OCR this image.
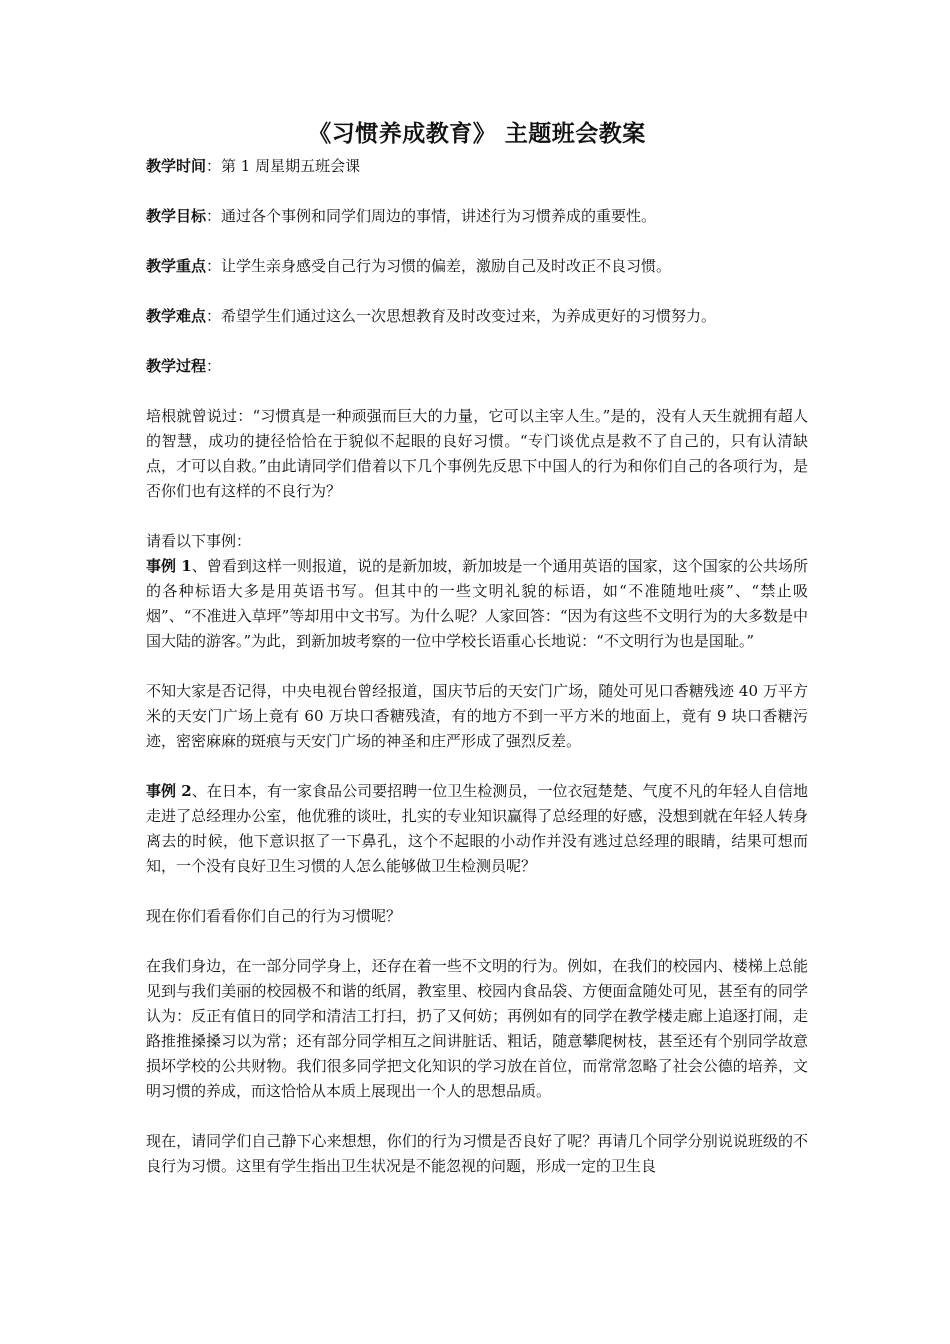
《习惯养成教育》 主题班会教案

教学时间：第 1 周星期五班会课

教学目标：通过各个事例和同学们周边的事情，讲述行为习惯养成的重要性。

教学重点：让学生亲身感受自己行为习惯的偏差，激励自己及时改正不良习惯。

教学难点：希望学生们通过这么一次思想教育及时改变过来，为养成更好的习惯努力。

教学过程：

培根就曾说过：“习惯真是一种顽强而巨大的力量，它可以主宰人生。”是的，没有人天生就拥有超人的智慧，成功的捷径恰恰在于貌似不起眼的良好习惯。“专门谈优点是救不了自己的，只有认清缺点，才可以自救。”由此请同学们借着以下几个事例先反思下中国人的行为和你们自己的各项行为，是否你们也有这样的不良行为？

请看以下事例：

事例 1、曾看到这样一则报道，说的是新加坡，新加坡是一个通用英语的国家，这个国家的公共场所的各种标语大多是用英语书写。但其中的一些文明礼貌的标语，如“不准随地吐痰”、“禁止吸烟”、“不准进入草坪”等却用中文书写。为什么呢？人家回答：“因为有这些不文明行为的大多数是中国大陆的游客。”为此，到新加坡考察的一位中学校长语重心长地说：“不文明行为也是国耻。”

不知大家是否记得，中央电视台曾经报道，国庆节后的天安门广场，随处可见口香糖残迹 40 万平方米的天安门广场上竟有 60 万块口香糖残渣，有的地方不到一平方米的地面上，竟有 9 块口香糖污迹，密密麻麻的斑痕与天安门广场的神圣和庄严形成了强烈反差。

事例 2、在日本，有一家食品公司要招聘一位卫生检测员，一位衣冠楚楚、气度不凡的年轻人自信地走进了总经理办公室，他优雅的谈吐，扎实的专业知识赢得了总经理的好感，没想到就在年轻人转身离去的时候，他下意识抠了一下鼻孔，这个不起眼的小动作并没有逃过总经理的眼睛，结果可想而知，一个没有良好卫生习惯的人怎么能够做卫生检测员呢？

现在你们看看你们自己的行为习惯呢？

在我们身边，在一部分同学身上，还存在着一些不文明的行为。例如，在我们的校园内、楼梯上总能见到与我们美丽的校园极不和谐的纸屑，教室里、校园内食品袋、方便面盒随处可见，甚至有的同学认为：反正有值日的同学和清洁工打扫，扔了又何妨；再例如有的同学在教学楼走廊上追逐打闹，走路推推搡搡习以为常；还有部分同学相互之间讲脏话、粗话，随意攀爬树枝，甚至还有个别同学故意损坏学校的公共财物。我们很多同学把文化知识的学习放在首位，而常常忽略了社会公德的培养，文明习惯的养成，而这恰恰从本质上展现出一个人的思想品质。

现在，请同学们自己静下心来想想，你们的行为习惯是否良好了呢？再请几个同学分别说说班级的不良行为习惯。这里有学生指出卫生状况是不能忽视的问题，形成一定的卫生良
